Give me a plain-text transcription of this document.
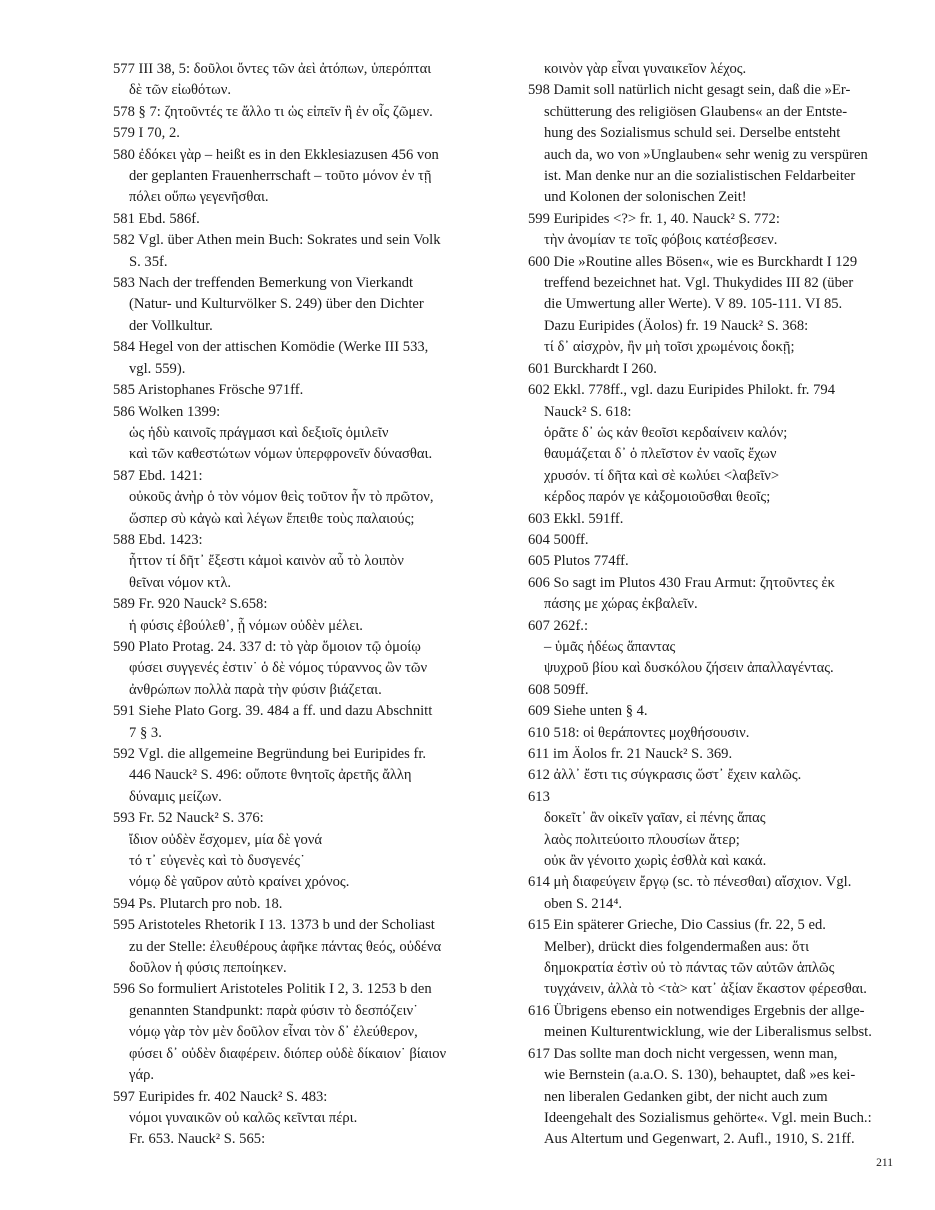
577 III 38, 5: δοῦλοι ὄντες τῶν ἀεὶ ἀτόπων, ὑπερόπται
δὲ τῶν εἰωθότων.
578 § 7: ζητοῦντές τε ἄλλο τι ὡς εἰπεῖν ἢ ἐν οἷς ζῶμεν.
579 I 70, 2.
580 ἐδόκει γὰρ – heißt es in den Ekklesiazusen 456 von
der geplanten Frauenherrschaft – τοῦτο μόνον ἐν τῇ
πόλει οὔπω γεγενῆσθαι.
581 Ebd. 586f.
582 Vgl. über Athen mein Buch: Sokrates und sein Volk
S. 35f.
583 Nach der treffenden Bemerkung von Vierkandt
(Natur- und Kulturvölker S. 249) über den Dichter
der Vollkultur.
584 Hegel von der attischen Komödie (Werke III 533,
vgl. 559).
585 Aristophanes Frösche 971ff.
586 Wolken 1399:
ὡς ἡδὺ καινοῖς πράγμασι καὶ δεξιοῖς ὁμιλεῖν
καὶ τῶν καθεστώτων νόμων ὑπερφρονεῖν δύνασθαι.
587 Ebd. 1421:
οὐκοῦς ἀνὴρ ὁ τὸν νόμον θεὶς τοῦτον ἦν τὸ πρῶτον,
ὥσπερ σὺ κἀγὼ καὶ λέγων ἔπειθε τοὺς παλαιούς;
588 Ebd. 1423:
ἧττον τί δῆτ᾽ ἔξεστι κἀμοὶ καινὸν αὖ τὸ λοιπὸν
θεῖναι νόμον κτλ.
589 Fr. 920 Nauck² S.658:
ἡ φύσις ἐβούλεθ᾽, ᾗ νόμων οὐδὲν μέλει.
590 Plato Protag. 24. 337 d: τὸ γὰρ ὅμοιον τῷ ὁμοίῳ
φύσει συγγενές ἐστιν˙ ὁ δὲ νόμος τύραννος ὢν τῶν
ἀνθρώπων πολλὰ παρὰ τὴν φύσιν βιάζεται.
591 Siehe Plato Gorg. 39. 484 a ff. und dazu Abschnitt
7 § 3.
592 Vgl. die allgemeine Begründung bei Euripides fr.
446 Nauck² S. 496: οὔποτε θνητοῖς ἀρετῆς ἄλλη
δύναμις μείζων.
593 Fr. 52 Nauck² S. 376:
ἴδιον οὐδὲν ἔσχομεν, μία δὲ γονά
τό τ᾽ εὐγενὲς καὶ τὸ δυσγενές˙
νόμῳ δὲ γαῦρον αὐτὸ κραίνει χρόνος.
594 Ps. Plutarch pro nob. 18.
595 Aristoteles Rhetorik I 13. 1373 b und der Scholiast
zu der Stelle: ἐλευθέρους ἀφῆκε πάντας θεός, οὐδένα
δοῦλον ἡ φύσις πεποίηκεν.
596 So formuliert Aristoteles Politik I 2, 3. 1253 b den
genannten Standpunkt: παρὰ φύσιν τὸ δεσπόζειν˙
νόμῳ γὰρ τὸν μὲν δοῦλον εἶναι τὸν δ᾽ ἐλεύθερον,
φύσει δ᾽ οὐδὲν διαφέρειν. διόπερ οὐδὲ δίκαιον˙ βίαιον
γάρ.
597 Euripides fr. 402 Nauck² S. 483:
νόμοι γυναικῶν οὐ καλῶς κεῖνται πέρι.
Fr. 653. Nauck² S. 565:
κοινὸν γὰρ εἶναι γυναικεῖον λέχος.
598 Damit soll natürlich nicht gesagt sein, daß die »Er-
schütterung des religiösen Glaubens« an der Entste-
hung des Sozialismus schuld sei. Derselbe entsteht
auch da, wo von »Unglauben« sehr wenig zu verspüren
ist. Man denke nur an die sozialistischen Feldarbeiter
und Kolonen der solonischen Zeit!
599 Euripides <?> fr. 1, 40. Nauck² S. 772:
τὴν ἀνομίαν τε τοῖς φόβοις κατέσβεσεν.
600 Die »Routine alles Bösen«, wie es Burckhardt I 129
treffend bezeichnet hat. Vgl. Thukydides III 82 (über
die Umwertung aller Werte). V 89. 105-111. VI 85.
Dazu Euripides (Äolos) fr. 19 Nauck² S. 368:
τί δ᾽ αἰσχρὸν, ἢν μὴ τοῖσι χρωμένοις δοκῇ;
601 Burckhardt I 260.
602 Ekkl. 778ff., vgl. dazu Euripides Philokt. fr. 794
Nauck² S. 618:
ὁρᾶτε δ᾽ ὡς κἀν θεοῖσι κερδαίνειν καλόν;
θαυμάζεται δ᾽ ὁ πλεῖστον ἐν ναοῖς ἔχων
χρυσόν. τί δῆτα καὶ σὲ κωλύει <λαβεῖν>
κέρδος παρόν γε κἀξομοιοῦσθαι θεοῖς;
603 Ekkl. 591ff.
604 500ff.
605 Plutos 774ff.
606 So sagt im Plutos 430 Frau Armut: ζητοῦντες ἐκ
πάσης με χώρας ἐκβαλεῖν.
607 262f.:
– ὑμᾶς ἡδέως ἅπαντας
ψυχροῦ βίου καὶ δυσκόλου ζήσειν ἀπαλλαγέντας.
608 509ff.
609 Siehe unten § 4.
610 518: οἱ θεράποντες μοχθήσουσιν.
611 im Äolos fr. 21 Nauck² S. 369.
612 ἀλλ᾽ ἔστι τις σύγκρασις ὥστ᾽ ἔχειν καλῶς.
613
δοκεῖτ᾽ ἂν οἰκεῖν γαῖαν, εἰ πένης ἅπας
λαὸς πολιτεύοιτο πλουσίων ἄτερ;
οὐκ ἂν γένοιτο χωρὶς ἐσθλὰ καὶ κακά.
614 μὴ διαφεύγειν ἔργῳ (sc. τὸ πένεσθαι) αἴσχιον. Vgl.
oben S. 214⁴.
615 Ein späterer Grieche, Dio Cassius (fr. 22, 5 ed.
Melber), drückt dies folgendermaßen aus: ὅτι
δημοκρατία ἐστὶν οὐ τὸ πάντας τῶν αὐτῶν ἁπλῶς
τυγχάνειν, ἀλλὰ τὸ <τὰ> κατ᾽ ἀξίαν ἕκαστον φέρεσθαι.
616 Übrigens ebenso ein notwendiges Ergebnis der allge-
meinen Kulturentwicklung, wie der Liberalismus selbst.
617 Das sollte man doch nicht vergessen, wenn man,
wie Bernstein (a.a.O. S. 130), behauptet, daß »es kei-
nen liberalen Gedanken gibt, der nicht auch zum
Ideengehalt des Sozialismus gehörte«. Vgl. mein Buch.:
Aus Altertum und Gegenwart, 2. Aufl., 1910, S. 21ff.
211
